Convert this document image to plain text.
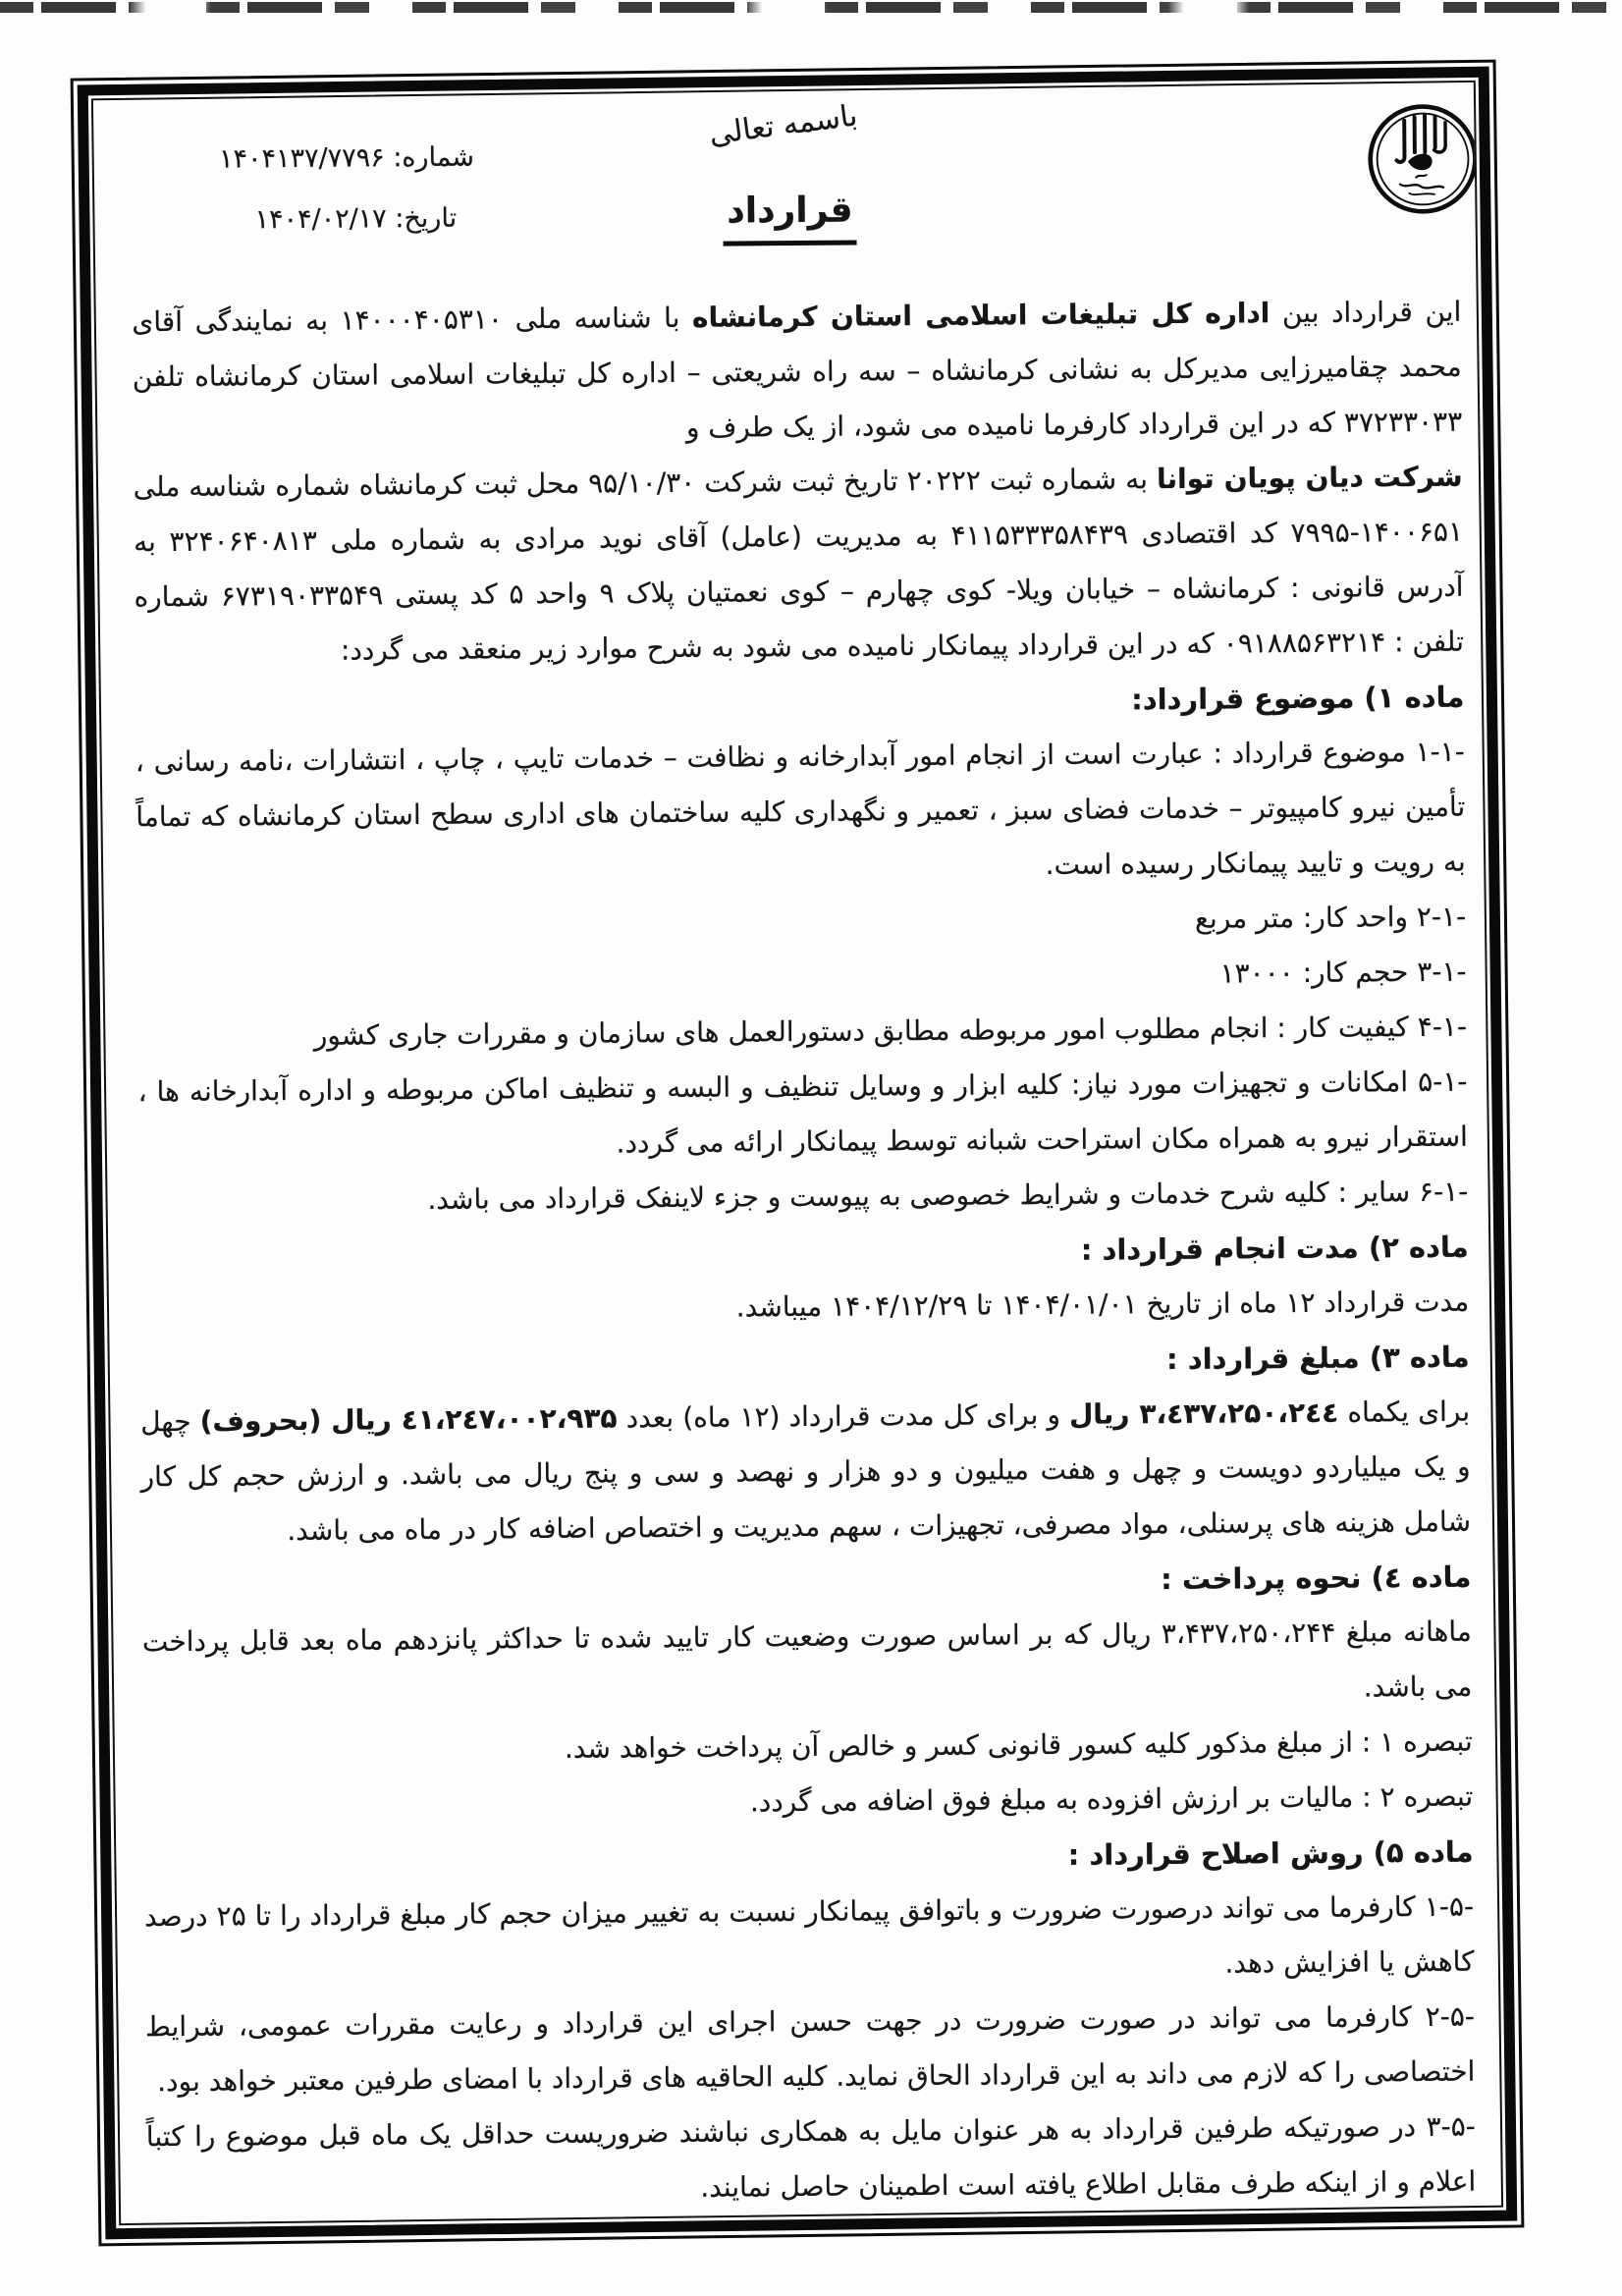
باسمه تعالی
شماره: ۱۴۰۴۱۳۷/۷۷۹۶
تاریخ: ۱۴۰۴/۰۲/۱۷	قرارداد

این قرارداد بین اداره کل تبلیغات اسلامی استان کرمانشاه با شناسه ملی ۱۴۰۰۰۴۰۵۳۱۰ به نمایندگی آقای محمد چقامیرزایی مدیرکل به نشانی کرمانشاه – سه راه شریعتی – اداره کل تبلیغات اسلامی استان کرمانشاه تلفن ۳۷۲۳۳۰۳۳ که در این قرارداد کارفرما نامیده می شود، از یک طرف و

شرکت دیان پویان توانا به شماره ثبت ۲۰۲۲۲ تاریخ ثبت شرکت ۹۵/۱۰/۳۰ محل ثبت کرمانشاه شماره شناسه ملی ۷۹۹۵-۱۴۰۰۶۵۱ کد اقتصادی ۴۱۱۵۳۳۳۵۸۴۳۹ به مدیریت (عامل) آقای نوید مرادی به شماره ملی ۳۲۴۰۶۴۰۸۱۳ به آدرس قانونی : کرمانشاه – خیابان ویلا- کوی چهارم – کوی نعمتیان پلاک ۹ واحد ۵ کد پستی ۶۷۳۱۹۰۳۳۵۴۹ شماره تلفن : ۰۹۱۸۸۵۶۳۲۱۴ که در این قرارداد پیمانکار نامیده می شود به شرح موارد زیر منعقد می گردد:

ماده ۱) موضوع قرارداد:

۱-۱- موضوع قرارداد : عبارت است از انجام امور آبدارخانه و نظافت – خدمات تایپ ، چاپ ، انتشارات ،نامه رسانی ، تأمین نیرو کامپیوتر – خدمات فضای سبز ، تعمیر و نگهداری کلیه ساختمان های اداری سطح استان کرمانشاه که تماماً به رویت و تایید پیمانکار رسیده است.

۲-۱- واحد کار: متر مربع

۳-۱- حجم کار: ۱۳۰۰۰

۴-۱- کیفیت کار : انجام مطلوب امور مربوطه مطابق دستورالعمل های سازمان و مقررات جاری کشور

۵-۱- امکانات و تجهیزات مورد نیاز: کلیه ابزار و وسایل تنظیف و البسه و تنظیف اماکن مربوطه و اداره آبدارخانه ها ، استقرار نیرو به همراه مکان استراحت شبانه توسط پیمانکار ارائه می گردد.

۶-۱- سایر : کلیه شرح خدمات و شرایط خصوصی به پیوست و جزء لاینفک قرارداد می باشد.

ماده ۲) مدت انجام قرارداد :

مدت قرارداد ۱۲ ماه از تاریخ ۱۴۰۴/۰۱/۰۱ تا ۱۴۰۴/۱۲/۲۹ میباشد.

ماده ۳) مبلغ قرارداد :

برای یکماه ۳،٤۳۷،۲۵۰،۲٤٤ ریال و برای کل مدت قرارداد (۱۲ ماه) بعدد ٤۱،۲٤۷،۰۰۲،۹۳۵ ریال (بحروف) چهل و یک میلیاردو دویست و چهل و هفت میلیون و دو هزار و نهصد و سی و پنج ریال می باشد. و ارزش حجم کل کار شامل هزینه های پرسنلی، مواد مصرفی، تجهیزات ، سهم مدیریت و اختصاص اضافه کار در ماه می باشد.

ماده ٤) نحوه پرداخت :

ماهانه مبلغ ۳،۴۳۷،۲۵۰،۲۴۴ ریال که بر اساس صورت وضعیت کار تایید شده تا حداکثر پانزدهم ماه بعد قابل پرداخت می باشد.

تبصره ۱ : از مبلغ مذکور کلیه کسور قانونی کسر و خالص آن پرداخت خواهد شد.

تبصره ۲ : مالیات بر ارزش افزوده به مبلغ فوق اضافه می گردد.

ماده ۵) روش اصلاح قرارداد :

۱-۵- کارفرما می تواند درصورت ضرورت و باتوافق پیمانکار نسبت به تغییر میزان حجم کار مبلغ قرارداد را تا ۲۵ درصد کاهش یا افزایش دهد.

۲-۵- کارفرما می تواند در صورت ضرورت در جهت حسن اجرای این قرارداد و رعایت مقررات عمومی، شرایط اختصاصی را که لازم می داند به این قرارداد الحاق نماید. کلیه الحاقیه های قرارداد با امضای طرفین معتبر خواهد بود.

۳-۵- در صورتیکه طرفین قرارداد به هر عنوان مایل به همکاری نباشند ضروریست حداقل یک ماه قبل موضوع را کتباً اعلام و از اینکه طرف مقابل اطلاع یافته است اطمینان حاصل نمایند.
